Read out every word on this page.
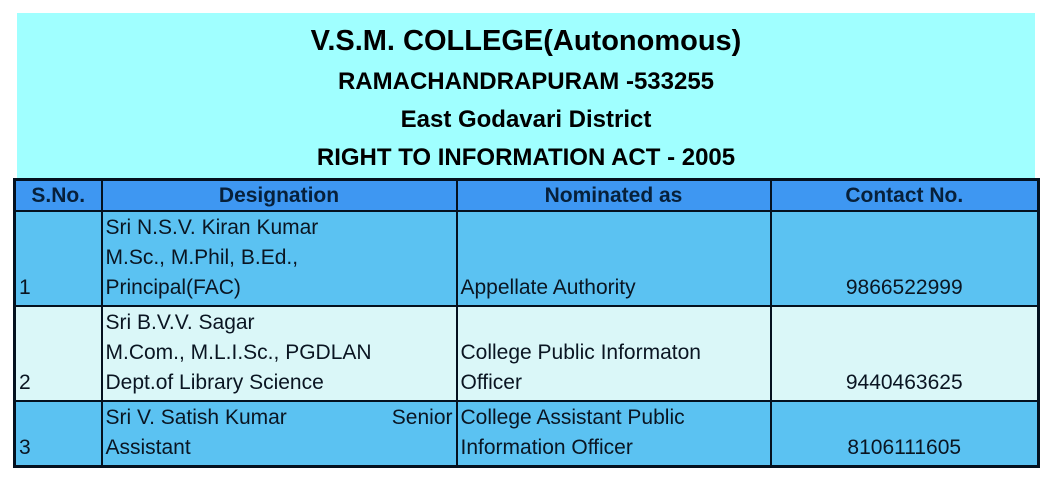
V.S.M. COLLEGE(Autonomous)
RAMACHANDRAPURAM -533255
East Godavari District
RIGHT TO INFORMATION ACT - 2005
S.No.	Designation	Nominated as	Contact No.
1	Sri N.S.V. Kiran Kumar
M.Sc., M.Phil, B.Ed.,
Principal(FAC)	Appellate Authority	9866522999
2	Sri B.V.V. Sagar
M.Com., M.L.I.Sc., PGDLAN
Dept.of Library Science	College Public Informaton
Officer	9440463625
3	Sri V. Satish Kumar Senior
Assistant	College Assistant Public
Information Officer	8106111605
